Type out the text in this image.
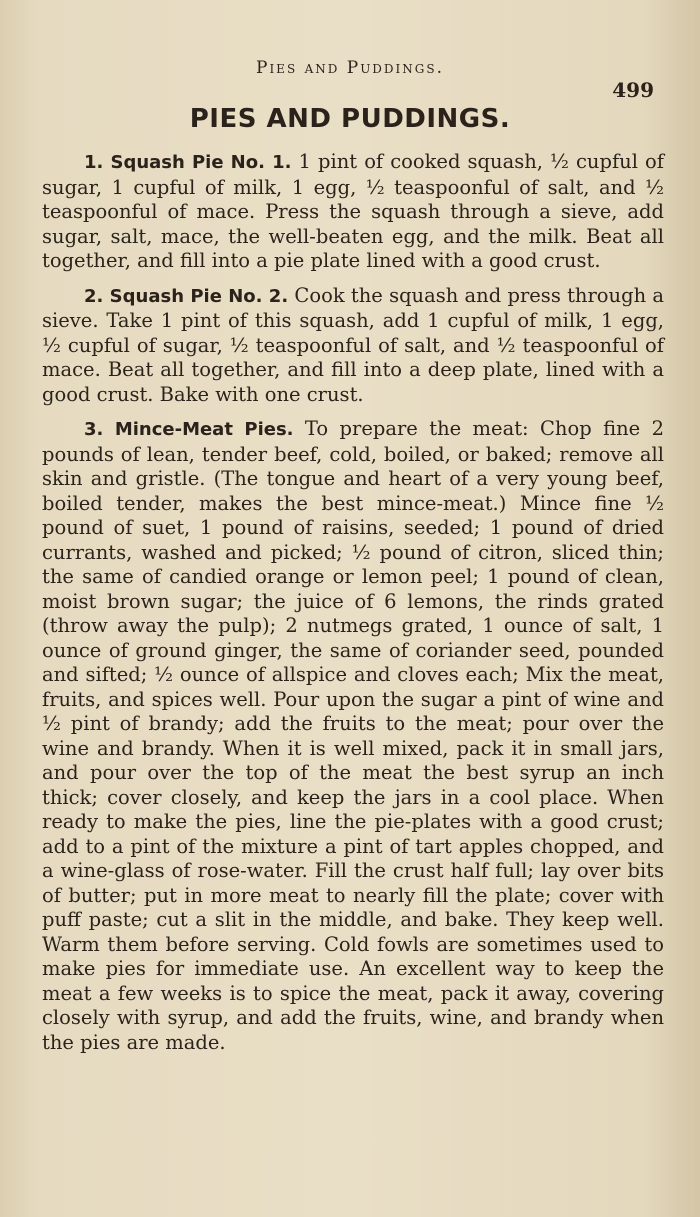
Pies and Puddings.
499
PIES AND PUDDINGS.

1. Squash Pie No. 1. 1 pint of cooked squash, ½ cupful of sugar, 1 cupful of milk, 1 egg, ½ teaspoonful of salt, and ½ teaspoonful of mace. Press the squash through a sieve, add sugar, salt, mace, the well-beaten egg, and the milk. Beat all together, and fill into a pie plate lined with a good crust.

2. Squash Pie No. 2. Cook the squash and press through a sieve. Take 1 pint of this squash, add 1 cupful of milk, 1 egg, ½ cupful of sugar, ½ teaspoonful of salt, and ½ teaspoonful of mace. Beat all together, and fill into a deep plate, lined with a good crust. Bake with one crust.

3. Mince-Meat Pies. To prepare the meat: Chop fine 2 pounds of lean, tender beef, cold, boiled, or baked; remove all skin and gristle. (The tongue and heart of a very young beef, boiled tender, makes the best mince-meat.) Mince fine ½ pound of suet, 1 pound of raisins, seeded; 1 pound of dried currants, washed and picked; ½ pound of citron, sliced thin; the same of candied orange or lemon peel; 1 pound of clean, moist brown sugar; the juice of 6 lemons, the rinds grated (throw away the pulp); 2 nutmegs grated, 1 ounce of salt, 1 ounce of ground ginger, the same of coriander seed, pounded and sifted; ½ ounce of allspice and cloves each; Mix the meat, fruits, and spices well. Pour upon the sugar a pint of wine and ½ pint of brandy; add the fruits to the meat; pour over the wine and brandy. When it is well mixed, pack it in small jars, and pour over the top of the meat the best syrup an inch thick; cover closely, and keep the jars in a cool place. When ready to make the pies, line the pie-plates with a good crust; add to a pint of the mixture a pint of tart apples chopped, and a wine-glass of rose-water. Fill the crust half full; lay over bits of butter; put in more meat to nearly fill the plate; cover with puff paste; cut a slit in the middle, and bake. They keep well. Warm them before serving. Cold fowls are sometimes used to make pies for immediate use. An excellent way to keep the meat a few weeks is to spice the meat, pack it away, covering closely with syrup, and add the fruits, wine, and brandy when the pies are made.
